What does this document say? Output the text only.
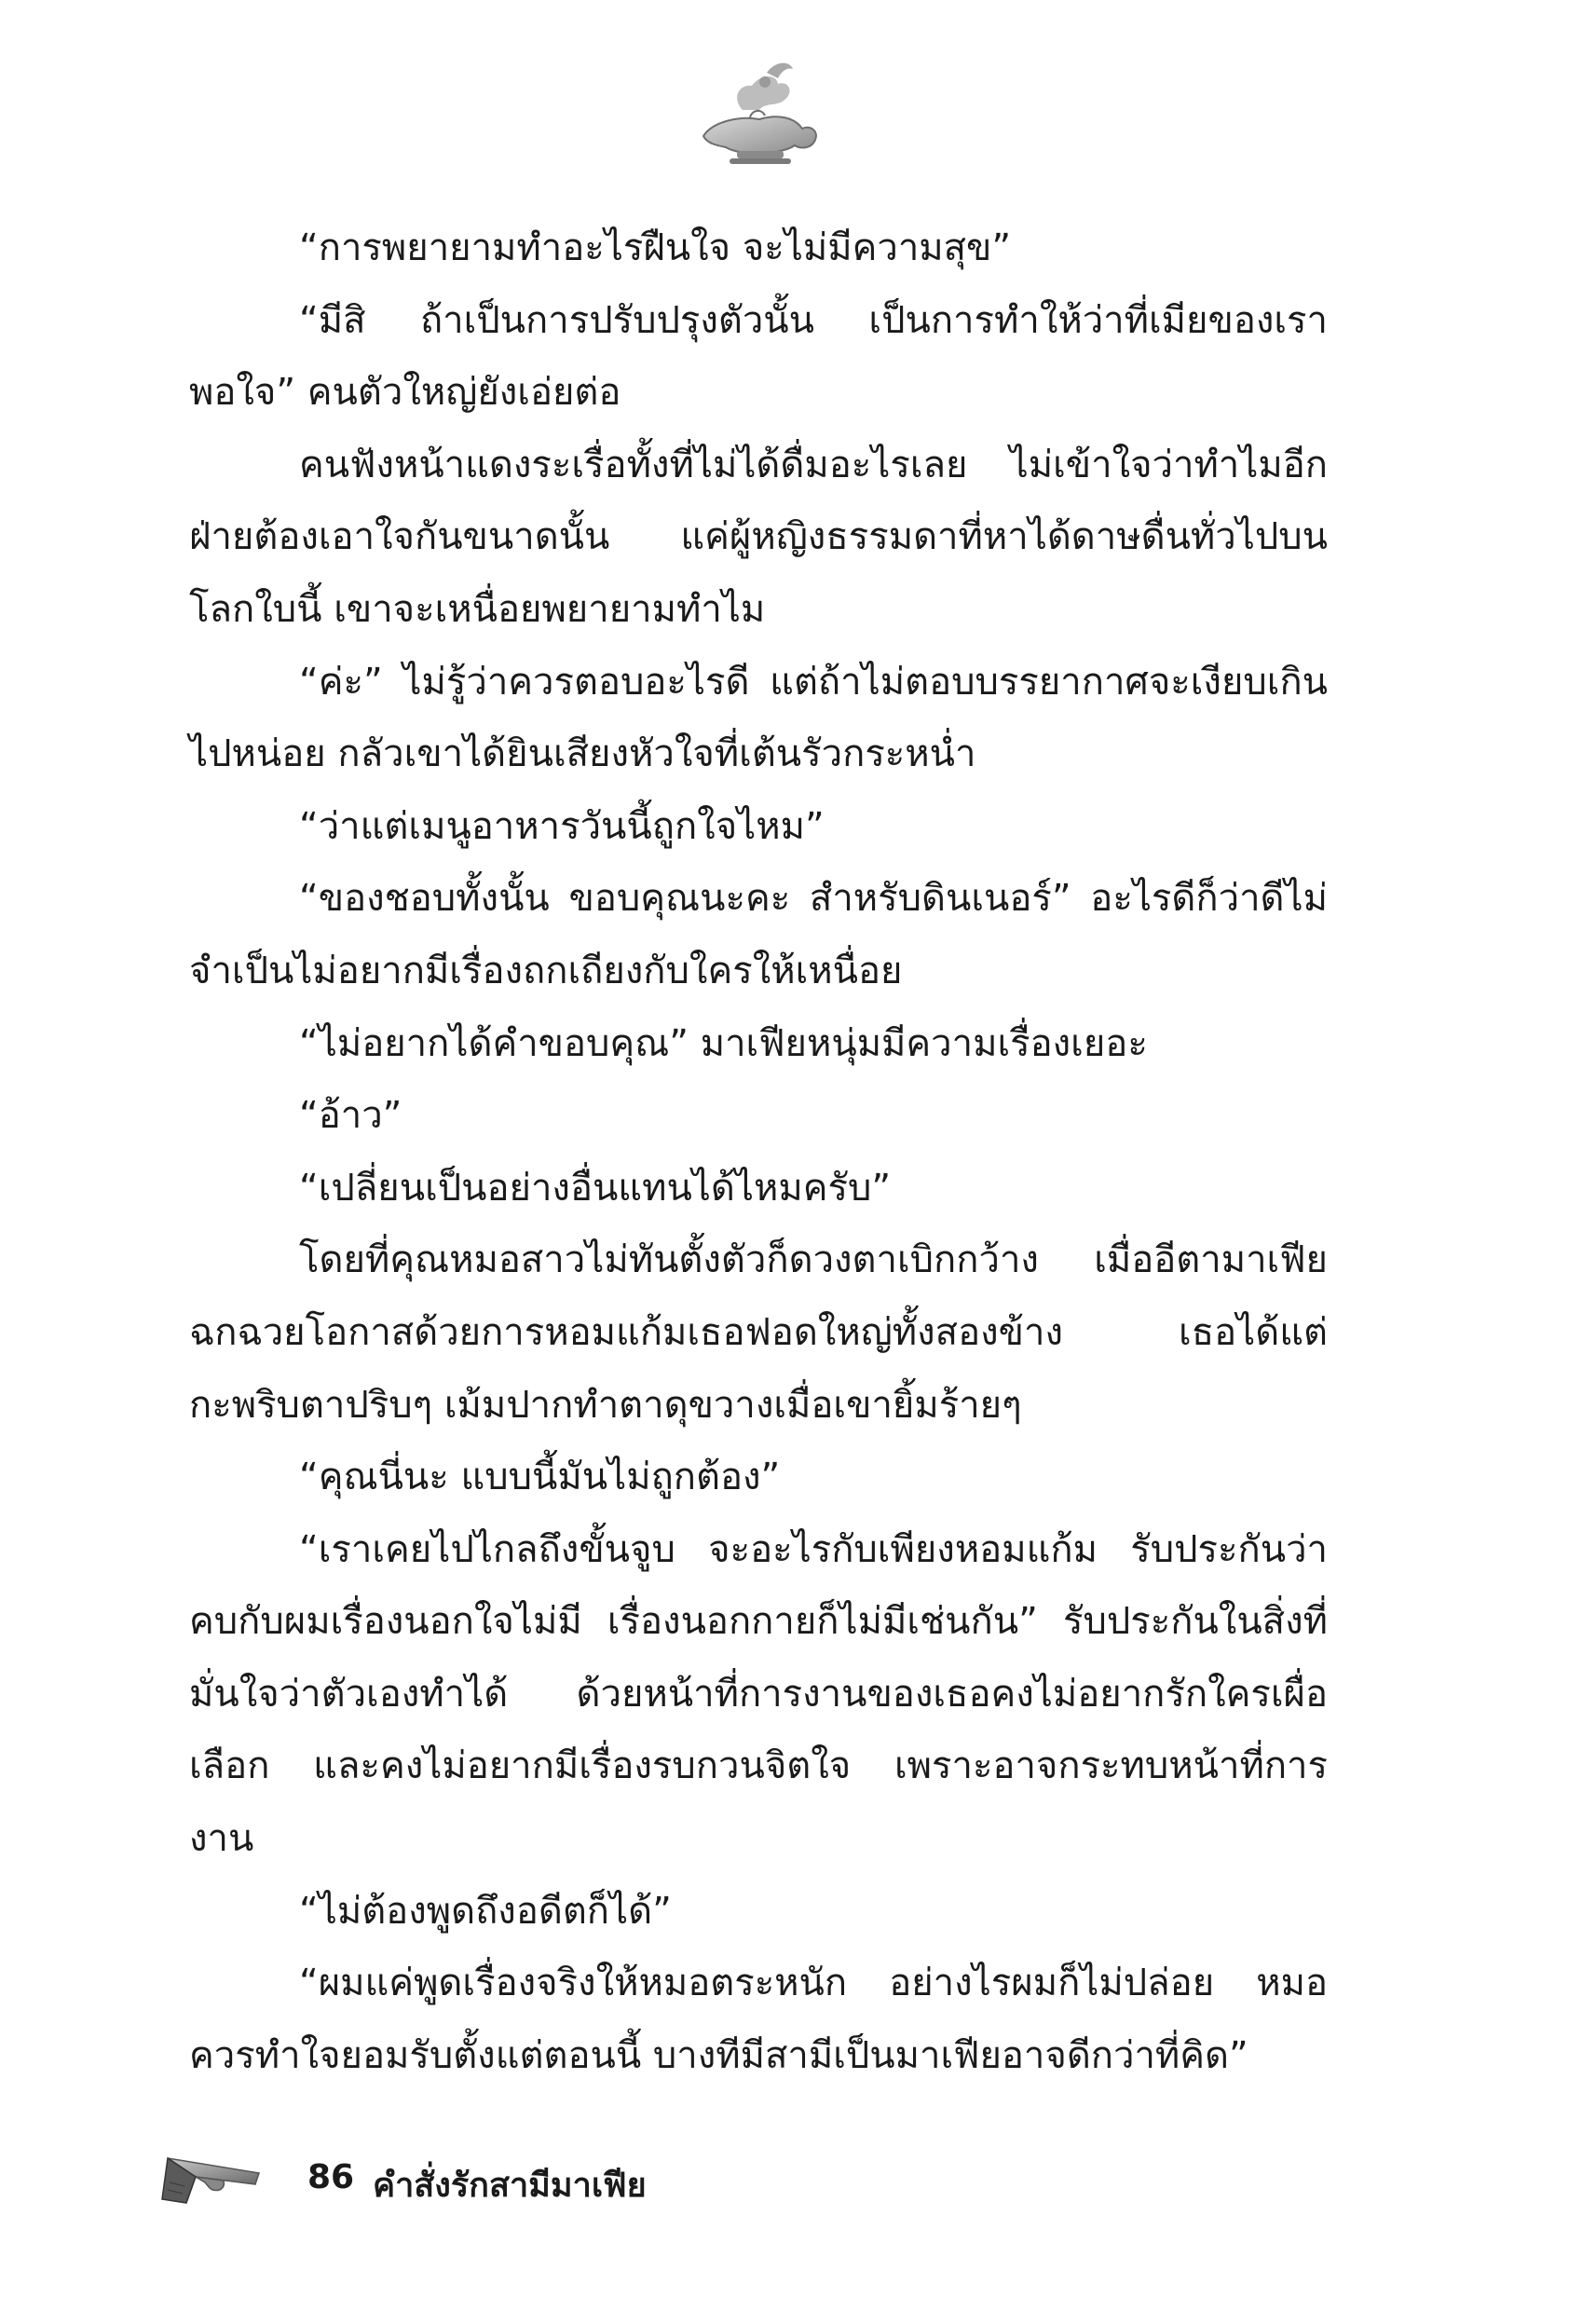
“การพยายามทำอะไรฝืนใจ จะไม่มีความสุข”

“มีสิ ถ้าเป็นการปรับปรุงตัวนั้น เป็นการทำให้ว่าที่เมียของเราพอใจ” คนตัวใหญ่ยังเอ่ยต่อ

คนฟังหน้าแดงระเรื่อทั้งที่ไม่ได้ดื่มอะไรเลย ไม่เข้าใจว่าทำไมอีกฝ่ายต้องเอาใจกันขนาดนั้น แค่ผู้หญิงธรรมดาที่หาได้ดาษดื่นทั่วไปบนโลกใบนี้ เขาจะเหนื่อยพยายามทำไม

“ค่ะ” ไม่รู้ว่าควรตอบอะไรดี แต่ถ้าไม่ตอบบรรยากาศจะเงียบเกินไปหน่อย กลัวเขาได้ยินเสียงหัวใจที่เต้นรัวกระหน่ำ

“ว่าแต่เมนูอาหารวันนี้ถูกใจไหม”

“ของชอบทั้งนั้น ขอบคุณนะคะ สำหรับดินเนอร์” อะไรดีก็ว่าดีไม่จำเป็นไม่อยากมีเรื่องถกเถียงกับใครให้เหนื่อย

“ไม่อยากได้คำขอบคุณ” มาเฟียหนุ่มมีความเรื่องเยอะ

“อ้าว”

“เปลี่ยนเป็นอย่างอื่นแทนได้ไหมครับ”

โดยที่คุณหมอสาวไม่ทันตั้งตัวก็ดวงตาเบิกกว้าง เมื่ออีตามาเฟียฉกฉวยโอกาสด้วยการหอมแก้มเธอฟอดใหญ่ทั้งสองข้าง เธอได้แต่กะพริบตาปริบๆ เม้มปากทำตาดุขวางเมื่อเขายิ้มร้ายๆ

“คุณนี่นะ แบบนี้มันไม่ถูกต้อง”

“เราเคยไปไกลถึงขั้นจูบ จะอะไรกับเพียงหอมแก้ม รับประกันว่าคบกับผมเรื่องนอกใจไม่มี เรื่องนอกกายก็ไม่มีเช่นกัน” รับประกันในสิ่งที่มั่นใจว่าตัวเองทำได้ ด้วยหน้าที่การงานของเธอคงไม่อยากรักใครเผื่อเลือก และคงไม่อยากมีเรื่องรบกวนจิตใจ เพราะอาจกระทบหน้าที่การงาน

“ไม่ต้องพูดถึงอดีตก็ได้”

“ผมแค่พูดเรื่องจริงให้หมอตระหนัก อย่างไรผมก็ไม่ปล่อย หมอควรทำใจยอมรับตั้งแต่ตอนนี้ บางทีมีสามีเป็นมาเฟียอาจดีกว่าที่คิด”

86 คำสั่งรักสามีมาเฟีย
